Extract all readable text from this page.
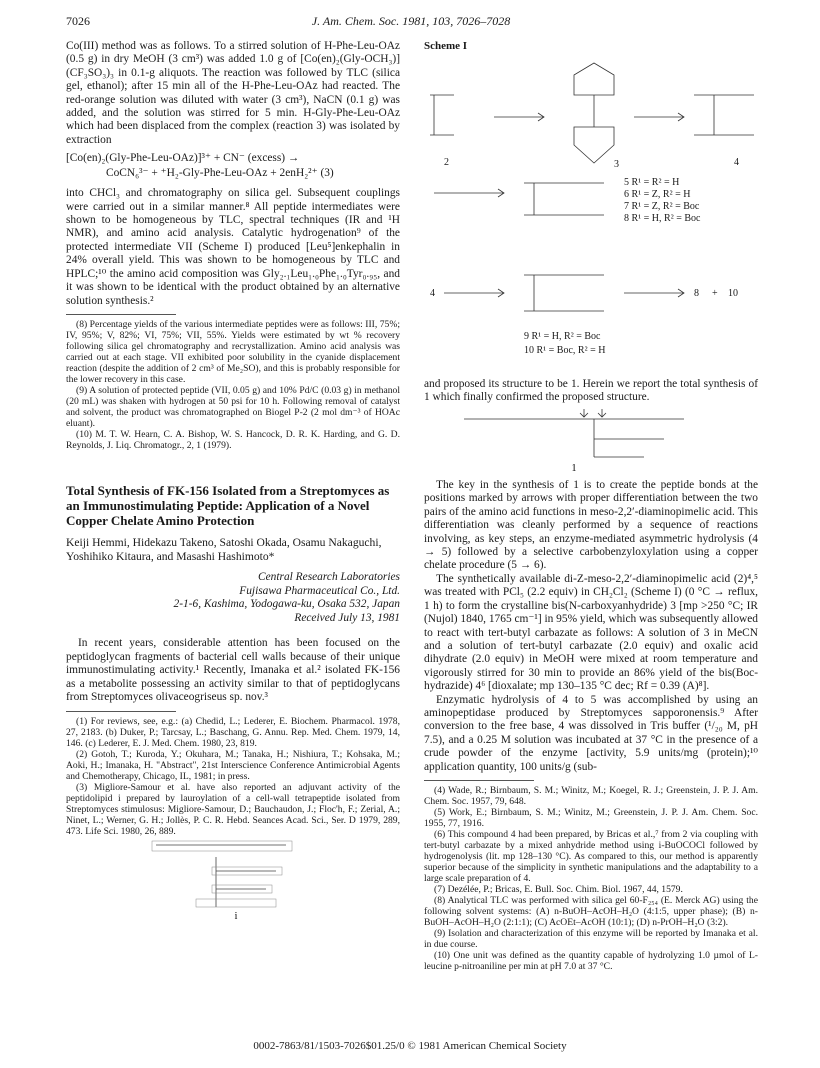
7026	J. Am. Chem. Soc. 1981, 103, 7026–7028

Co(III) method was as follows. To a stirred solution of H-Phe-Leu-OAz (0.5 g) in dry MeOH (3 cm³) was added 1.0 g of [Co(en)₂(Gly-OCH₃)](CF₃SO₃)₃ in 0.1-g aliquots. The reaction was followed by TLC (silica gel, ethanol); after 15 min all of the H-Phe-Leu-OAz had reacted. The red-orange solution was diluted with water (3 cm³), NaCN (0.1 g) was added, and the solution was stirred for 5 min. H-Gly-Phe-Leu-OAz which had been displaced from the complex (reaction 3) was isolated by extraction

[Co(en)₂(Gly-Phe-Leu-OAz)]³⁺ + CN⁻ (excess) →
CoCN₆³⁻ + ⁺H₂-Gly-Phe-Leu-OAz + 2enH₂²⁺ (3)

into CHCl₃ and chromatography on silica gel. Subsequent couplings were carried out in a similar manner.⁸ All peptide intermediates were shown to be homogeneous by TLC, spectral techniques (IR and ¹H NMR), and amino acid analysis. Catalytic hydrogenation⁹ of the protected intermediate VII (Scheme I) produced [Leu⁵]enkephalin in 24% overall yield. This was shown to be homogeneous by TLC and HPLC;¹⁰ the amino acid composition was Gly₂.₁Leu₁.₀Phe₁.₀Tyr₀.₉₅, and it was shown to be identical with the product obtained by an alternative solution synthesis.²

(8) Percentage yields of the various intermediate peptides were as follows: III, 75%; IV, 95%; V, 82%; VI, 75%; VII, 55%. Yields were estimated by wt % recovery following silica gel chromatography and recrystallization. Amino acid analysis was carried out at each stage. VII exhibited poor solubility in the cyanide displacement reaction (despite the addition of 2 cm³ of Me₂SO), and this is probably responsible for the lower recovery in this case.

(9) A solution of protected peptide (VII, 0.05 g) and 10% Pd/C (0.03 g) in methanol (20 mL) was shaken with hydrogen at 50 psi for 10 h. Following removal of catalyst and solvent, the product was chromatographed on Biogel P-2 (2 mol dm⁻³ of HOAc eluant).

(10) M. T. W. Hearn, C. A. Bishop, W. S. Hancock, D. R. K. Harding, and G. D. Reynolds, J. Liq. Chromatogr., 2, 1 (1979).

Total Synthesis of FK-156 Isolated from a Streptomyces as an Immunostimulating Peptide: Application of a Novel Copper Chelate Amino Protection
Keiji Hemmi, Hidekazu Takeno, Satoshi Okada, Osamu Nakaguchi, Yoshihiko Kitaura, and Masashi Hashimoto*
Central Research Laboratories
Fujisawa Pharmaceutical Co., Ltd.
2-1-6, Kashima, Yodogawa-ku, Osaka 532, Japan
Received July 13, 1981

In recent years, considerable attention has been focused on the peptidoglycan fragments of bacterial cell walls because of their unique immunostimulating activity.¹ Recently, Imanaka et al.² isolated FK-156 as a metabolite possessing an activity similar to that of peptidoglycans from Streptomyces olivaceogriseus sp. nov.³

(1) For reviews, see, e.g.: (a) Chedid, L.; Lederer, E. Biochem. Pharmacol. 1978, 27, 2183. (b) Duker, P.; Tarcsay, L.; Baschang, G. Annu. Rep. Med. Chem. 1979, 14, 146. (c) Lederer, E. J. Med. Chem. 1980, 23, 819.

(2) Gotoh, T.; Kuroda, Y.; Okuhara, M.; Tanaka, H.; Nishiura, T.; Kohsaka, M.; Aoki, H.; Imanaka, H. "Abstract", 21st Interscience Conference Antimicrobial Agents and Chemotherapy, Chicago, IL, 1981; in press.

(3) Migliore-Samour et al. have also reported an adjuvant activity of the peptidolipid i prepared by lauroylation of a cell-wall tetrapeptide isolated from Streptomyces stimulosus: Migliore-Samour, D.; Bauchaudon, J.; Floc'h, F.; Zerial, A.; Ninet, L.; Werner, G. H.; Jollès, P. C. R. Hebd. Seances Acad. Sci., Ser. D 1979, 289, 473. Life Sci. 1980, 26, 889.

i
Scheme I
2	3	4
5 R¹ = R² = H
6 R¹ = Z, R² = H
7 R¹ = Z, R² = Boc
8 R¹ = H, R² = Boc
4	8 + 10
9 R¹ = H, R² = Boc
10 R¹ = Boc, R² = H

and proposed its structure to be 1. Herein we report the total synthesis of 1 which finally confirmed the proposed structure.

1

The key in the synthesis of 1 is to create the peptide bonds at the positions marked by arrows with proper differentiation between the two pairs of the amino acid functions in meso-2,2′-diaminopimelic acid. This differentiation was cleanly performed by a sequence of reactions involving, as key steps, an enzyme-mediated asymmetric hydrolysis (4 → 5) followed by a selective carbobenzyloxylation using a copper chelate procedure (5 → 6).

The synthetically available di-Z-meso-2,2′-diaminopimelic acid (2)⁴,⁵ was treated with PCl₅ (2.2 equiv) in CH₂Cl₂ (Scheme I) (0 °C → reflux, 1 h) to form the crystalline bis(N-carboxyanhydride) 3 [mp >250 °C; IR (Nujol) 1840, 1765 cm⁻¹] in 95% yield, which was subsequently allowed to react with tert-butyl carbazate as follows: A solution of 3 in MeCN and a solution of tert-butyl carbazate (2.0 equiv) and oxalic acid dihydrate (2.0 equiv) in MeOH were mixed at room temperature and vigorously stirred for 30 min to provide an 86% yield of the bis(Boc-hydrazide) 4⁶ [dioxalate; mp 130–135 °C dec; Rf = 0.39 (A)⁸].

Enzymatic hydrolysis of 4 to 5 was accomplished by using an aminopeptidase produced by Streptomyces sapporonensis.⁹ After conversion to the free base, 4 was dissolved in Tris buffer (¹/₂₀ M, pH 7.5), and a 0.25 M solution was incubated at 37 °C in the presence of a crude powder of the enzyme [activity, 5.9 units/mg (protein);¹⁰ application quantity, 100 units/g (sub-

(4) Wade, R.; Birnbaum, S. M.; Winitz, M.; Koegel, R. J.; Greenstein, J. P. J. Am. Chem. Soc. 1957, 79, 648.

(5) Work, E.; Birnbaum, S. M.; Winitz, M.; Greenstein, J. P. J. Am. Chem. Soc. 1955, 77, 1916.

(6) This compound 4 had been prepared, by Bricas et al.,⁷ from 2 via coupling with tert-butyl carbazate by a mixed anhydride method using i-BuOCOCl followed by hydrogenolysis (lit. mp 128–130 °C). As compared to this, our method is apparently superior because of the simplicity in synthetic manipulations and the adaptability to a large scale preparation of 4.

(7) Dezélée, P.; Bricas, E. Bull. Soc. Chim. Biol. 1967, 44, 1579.

(8) Analytical TLC was performed with silica gel 60-F₂₅₄ (E. Merck AG) using the following solvent systems: (A) n-BuOH–AcOH–H₂O (4:1:5, upper phase); (B) n-BuOH–AcOH–H₂O (2:1:1); (C) AcOEt–AcOH (10:1); (D) n-PrOH–H₂O (3:2).

(9) Isolation and characterization of this enzyme will be reported by Imanaka et al. in due course.

(10) One unit was defined as the quantity capable of hydrolyzing 1.0 µmol of L-leucine p-nitroaniline per min at pH 7.0 at 37 °C.

0002-7863/81/1503-7026$01.25/0 © 1981 American Chemical Society
